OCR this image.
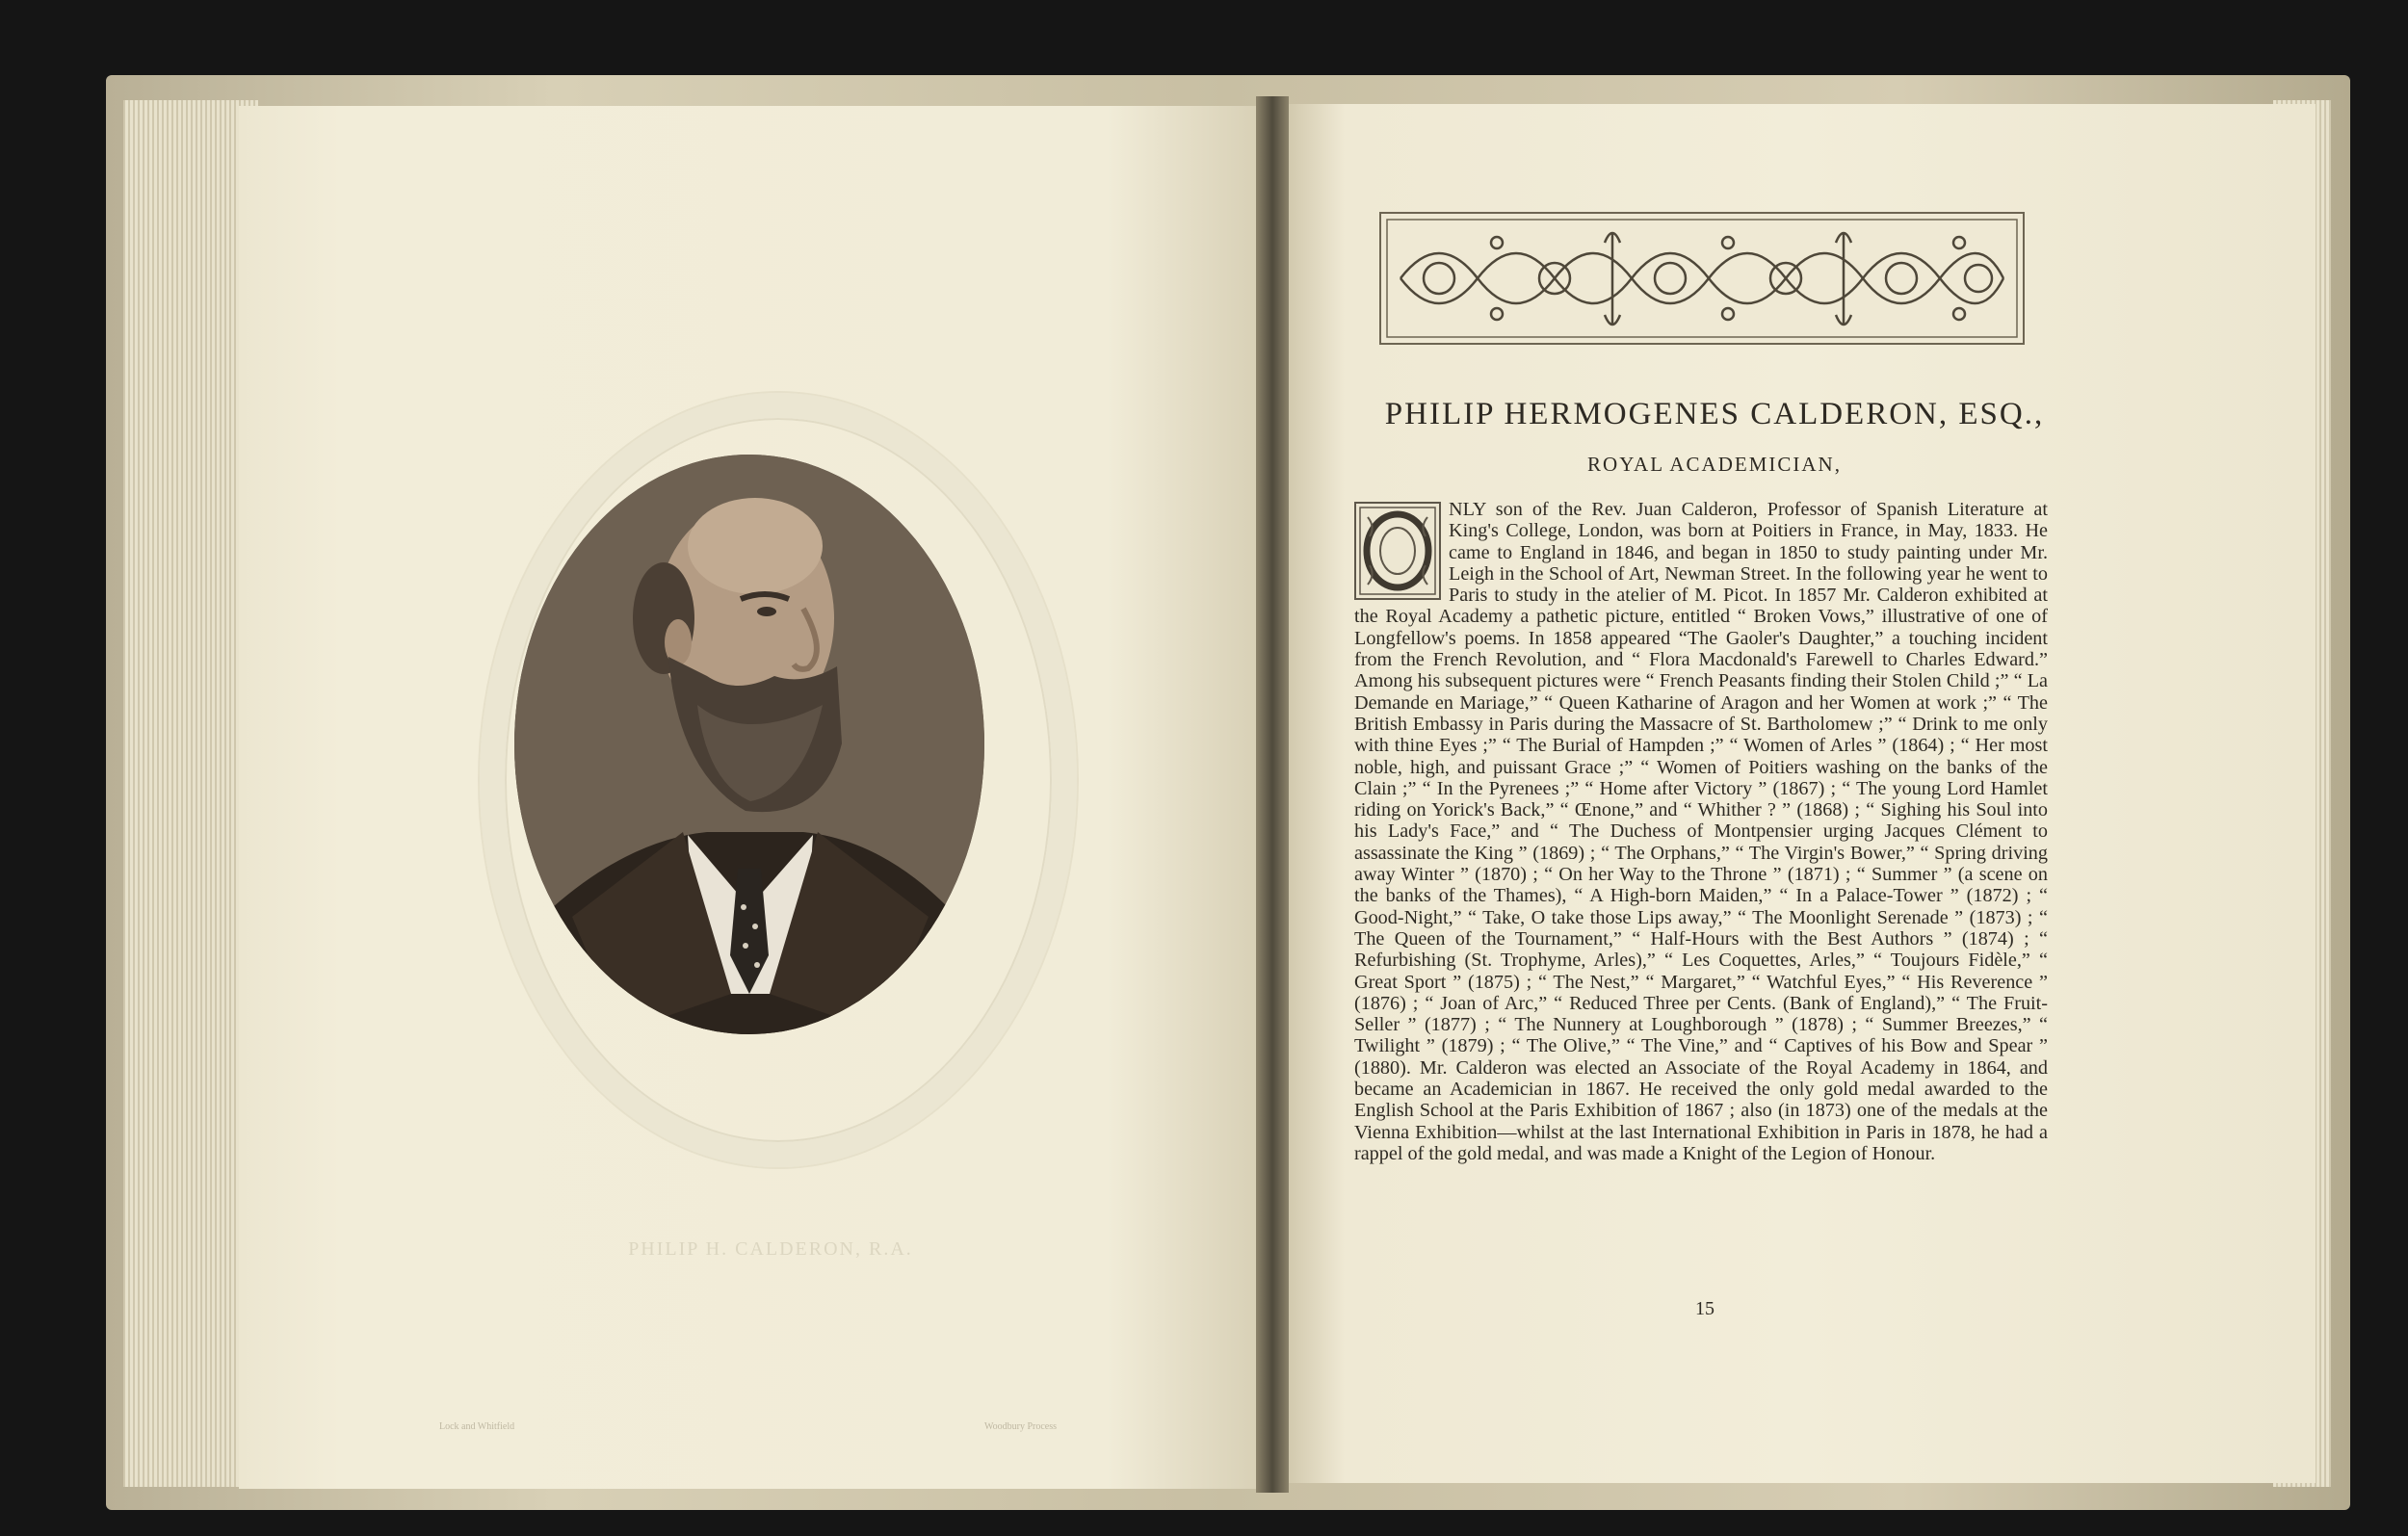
PHILIP H. CALDERON, R.A.
Lock and Whitfield	Woodbury Process
PHILIP HERMOGENES CALDERON, ESQ.,
ROYAL ACADEMICIAN,
NLY son of the Rev. Juan Calderon, Professor of Spanish Literature at King's College, London, was born at Poitiers in France, in May, 1833. He came to England in 1846, and began in 1850 to study painting under Mr. Leigh in the School of Art, Newman Street. In the following year he went to Paris to study in the atelier of M. Picot. In 1857 Mr. Calderon exhibited at the Royal Academy a pathetic picture, entitled “ Broken Vows,” illustrative of one of Longfellow's poems. In 1858 appeared “The Gaoler's Daughter,” a touching incident from the French Revolution, and “ Flora Macdonald's Farewell to Charles Edward.” Among his subsequent pictures were “ French Peasants finding their Stolen Child ;” “ La Demande en Mariage,” “ Queen Katharine of Aragon and her Women at work ;” “ The British Embassy in Paris during the Massacre of St. Bartholomew ;” “ Drink to me only with thine Eyes ;” “ The Burial of Hampden ;” “ Women of Arles ” (1864) ; “ Her most noble, high, and puissant Grace ;” “ Women of Poitiers washing on the banks of the Clain ;” “ In the Pyrenees ;” “ Home after Victory ” (1867) ; “ The young Lord Hamlet riding on Yorick's Back,” “ Œnone,” and “ Whither ? ” (1868) ; “ Sighing his Soul into his Lady's Face,” and “ The Duchess of Montpensier urging Jacques Clément to assassinate the King ” (1869) ; “ The Orphans,” “ The Virgin's Bower,” “ Spring driving away Winter ” (1870) ; “ On her Way to the Throne ” (1871) ; “ Summer ” (a scene on the banks of the Thames), “ A High-born Maiden,” “ In a Palace-Tower ” (1872) ; “ Good-Night,” “ Take, O take those Lips away,” “ The Moonlight Serenade ” (1873) ; “ The Queen of the Tournament,” “ Half-Hours with the Best Authors ” (1874) ; “ Refurbishing (St. Trophyme, Arles),” “ Les Coquettes, Arles,” “ Toujours Fidèle,” “ Great Sport ” (1875) ; “ The Nest,” “ Margaret,” “ Watchful Eyes,” “ His Reverence ” (1876) ; “ Joan of Arc,” “ Reduced Three per Cents. (Bank of England),” “ The Fruit-Seller ” (1877) ; “ The Nunnery at Loughborough ” (1878) ; “ Summer Breezes,” “ Twilight ” (1879) ; “ The Olive,” “ The Vine,” and “ Captives of his Bow and Spear ” (1880). Mr. Calderon was elected an Associate of the Royal Academy in 1864, and became an Academician in 1867. He received the only gold medal awarded to the English School at the Paris Exhibition of 1867 ; also (in 1873) one of the medals at the Vienna Exhibition—whilst at the last International Exhibition in Paris in 1878, he had a rappel of the gold medal, and was made a Knight of the Legion of Honour.
15
